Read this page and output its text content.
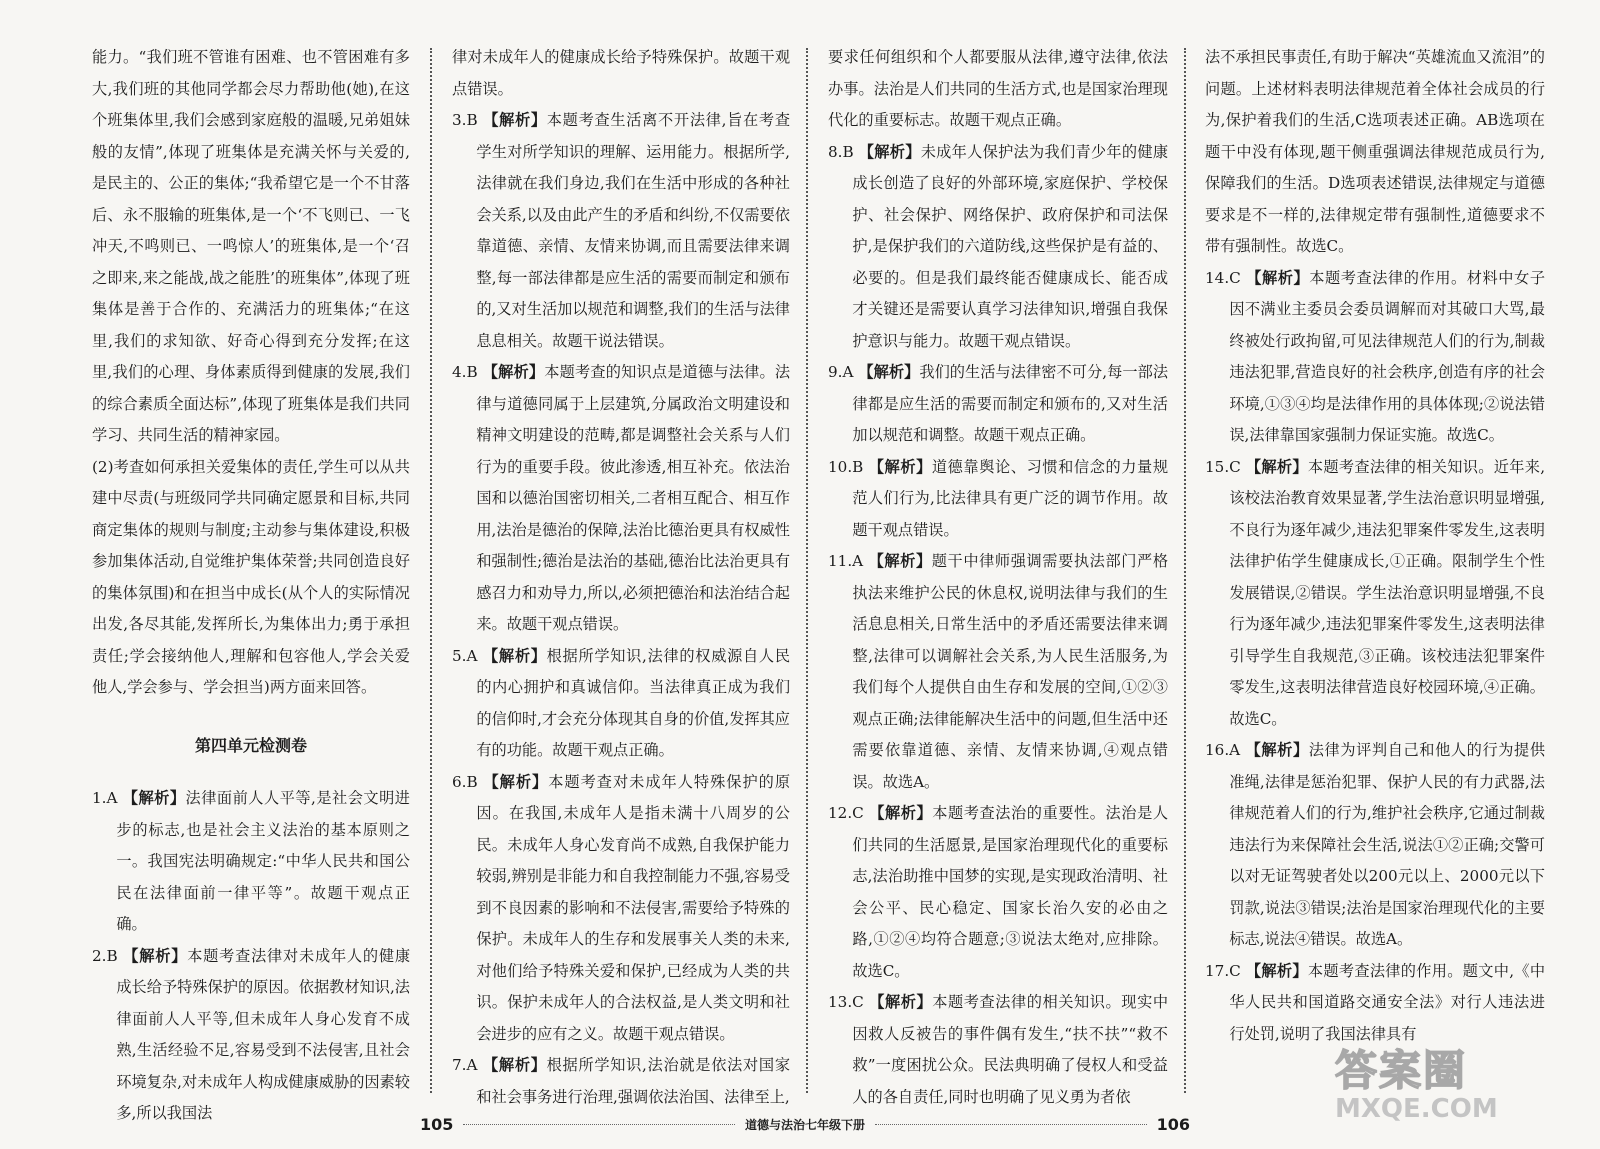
能力。“我们班不管谁有困难、也不管困难有多大,我们班的其他同学都会尽力帮助他(她),在这个班集体里,我们会感到家庭般的温暖,兄弟姐妹般的友情”,体现了班集体是充满关怀与关爱的,是民主的、公正的集体;“我希望它是一个不甘落后、永不服输的班集体,是一个‘不飞则已、一飞冲天,不鸣则已、一鸣惊人’的班集体,是一个‘召之即来,来之能战,战之能胜’的班集体”,体现了班集体是善于合作的、充满活力的班集体;“在这里,我们的求知欲、好奇心得到充分发挥;在这里,我们的心理、身体素质得到健康的发展,我们的综合素质全面达标”,体现了班集体是我们共同学习、共同生活的精神家园。

(2)考查如何承担关爱集体的责任,学生可以从共建中尽责(与班级同学共同确定愿景和目标,共同商定集体的规则与制度;主动参与集体建设,积极参加集体活动,自觉维护集体荣誉;共同创造良好的集体氛围)和在担当中成长(从个人的实际情况出发,各尽其能,发挥所长,为集体出力;勇于承担责任;学会接纳他人,理解和包容他人,学会关爱他人,学会参与、学会担当)两方面来回答。

第四单元检测卷

1.A 【解析】法律面前人人平等,是社会文明进步的标志,也是社会主义法治的基本原则之一。我国宪法明确规定:“中华人民共和国公民在法律面前一律平等”。故题干观点正确。

2.B 【解析】本题考查法律对未成年人的健康成长给予特殊保护的原因。依据教材知识,法律面前人人平等,但未成年人身心发育不成熟,生活经验不足,容易受到不法侵害,且社会环境复杂,对未成年人构成健康威胁的因素较多,所以我国法

律对未成年人的健康成长给予特殊保护。故题干观点错误。

3.B 【解析】本题考查生活离不开法律,旨在考查学生对所学知识的理解、运用能力。根据所学,法律就在我们身边,我们在生活中形成的各种社会关系,以及由此产生的矛盾和纠纷,不仅需要依靠道德、亲情、友情来协调,而且需要法律来调整,每一部法律都是应生活的需要而制定和颁布的,又对生活加以规范和调整,我们的生活与法律息息相关。故题干说法错误。

4.B 【解析】本题考查的知识点是道德与法律。法律与道德同属于上层建筑,分属政治文明建设和精神文明建设的范畴,都是调整社会关系与人们行为的重要手段。彼此渗透,相互补充。依法治国和以德治国密切相关,二者相互配合、相互作用,法治是德治的保障,法治比德治更具有权威性和强制性;德治是法治的基础,德治比法治更具有感召力和劝导力,所以,必须把德治和法治结合起来。故题干观点错误。

5.A 【解析】根据所学知识,法律的权威源自人民的内心拥护和真诚信仰。当法律真正成为我们的信仰时,才会充分体现其自身的价值,发挥其应有的功能。故题干观点正确。

6.B 【解析】本题考查对未成年人特殊保护的原因。在我国,未成年人是指未满十八周岁的公民。未成年人身心发育尚不成熟,自我保护能力较弱,辨别是非能力和自我控制能力不强,容易受到不良因素的影响和不法侵害,需要给予特殊的保护。未成年人的生存和发展事关人类的未来,对他们给予特殊关爱和保护,已经成为人类的共识。保护未成年人的合法权益,是人类文明和社会进步的应有之义。故题干观点错误。

7.A 【解析】根据所学知识,法治就是依法对国家和社会事务进行治理,强调依法治国、法律至上,

要求任何组织和个人都要服从法律,遵守法律,依法办事。法治是人们共同的生活方式,也是国家治理现代化的重要标志。故题干观点正确。

8.B 【解析】未成年人保护法为我们青少年的健康成长创造了良好的外部环境,家庭保护、学校保护、社会保护、网络保护、政府保护和司法保护,是保护我们的六道防线,这些保护是有益的、必要的。但是我们最终能否健康成长、能否成才关键还是需要认真学习法律知识,增强自我保护意识与能力。故题干观点错误。

9.A 【解析】我们的生活与法律密不可分,每一部法律都是应生活的需要而制定和颁布的,又对生活加以规范和调整。故题干观点正确。

10.B 【解析】道德靠舆论、习惯和信念的力量规范人们行为,比法律具有更广泛的调节作用。故题干观点错误。

11.A 【解析】题干中律师强调需要执法部门严格执法来维护公民的休息权,说明法律与我们的生活息息相关,日常生活中的矛盾还需要法律来调整,法律可以调解社会关系,为人民生活服务,为我们每个人提供自由生存和发展的空间,①②③观点正确;法律能解决生活中的问题,但生活中还需要依靠道德、亲情、友情来协调,④观点错误。故选A。

12.C 【解析】本题考查法治的重要性。法治是人们共同的生活愿景,是国家治理现代化的重要标志,法治助推中国梦的实现,是实现政治清明、社会公平、民心稳定、国家长治久安的必由之路,①②④均符合题意;③说法太绝对,应排除。故选C。

13.C 【解析】本题考查法律的相关知识。现实中因救人反被告的事件偶有发生,“扶不扶”“救不救”一度困扰公众。民法典明确了侵权人和受益人的各自责任,同时也明确了见义勇为者依

法不承担民事责任,有助于解决“英雄流血又流泪”的问题。上述材料表明法律规范着全体社会成员的行为,保护着我们的生活,C选项表述正确。AB选项在题干中没有体现,题干侧重强调法律规范成员行为,保障我们的生活。D选项表述错误,法律规定与道德要求是不一样的,法律规定带有强制性,道德要求不带有强制性。故选C。

14.C 【解析】本题考查法律的作用。材料中女子因不满业主委员会委员调解而对其破口大骂,最终被处行政拘留,可见法律规范人们的行为,制裁违法犯罪,营造良好的社会秩序,创造有序的社会环境,①③④均是法律作用的具体体现;②说法错误,法律靠国家强制力保证实施。故选C。

15.C 【解析】本题考查法律的相关知识。近年来,该校法治教育效果显著,学生法治意识明显增强,不良行为逐年减少,违法犯罪案件零发生,这表明法律护佑学生健康成长,①正确。限制学生个性发展错误,②错误。学生法治意识明显增强,不良行为逐年减少,违法犯罪案件零发生,这表明法律引导学生自我规范,③正确。该校违法犯罪案件零发生,这表明法律营造良好校园环境,④正确。故选C。

16.A 【解析】法律为评判自己和他人的行为提供准绳,法律是惩治犯罪、保护人民的有力武器,法律规范着人们的行为,维护社会秩序,它通过制裁违法行为来保障社会生活,说法①②正确;交警可以对无证驾驶者处以200元以上、2000元以下罚款,说法③错误;法治是国家治理现代化的主要标志,说法④错误。故选A。

17.C 【解析】本题考查法律的作用。题文中,《中华人民共和国道路交通安全法》对行人违法进行处罚,说明了我国法律具有

105	道德与法治七年级下册	106
答案圈
MXQE.COM
